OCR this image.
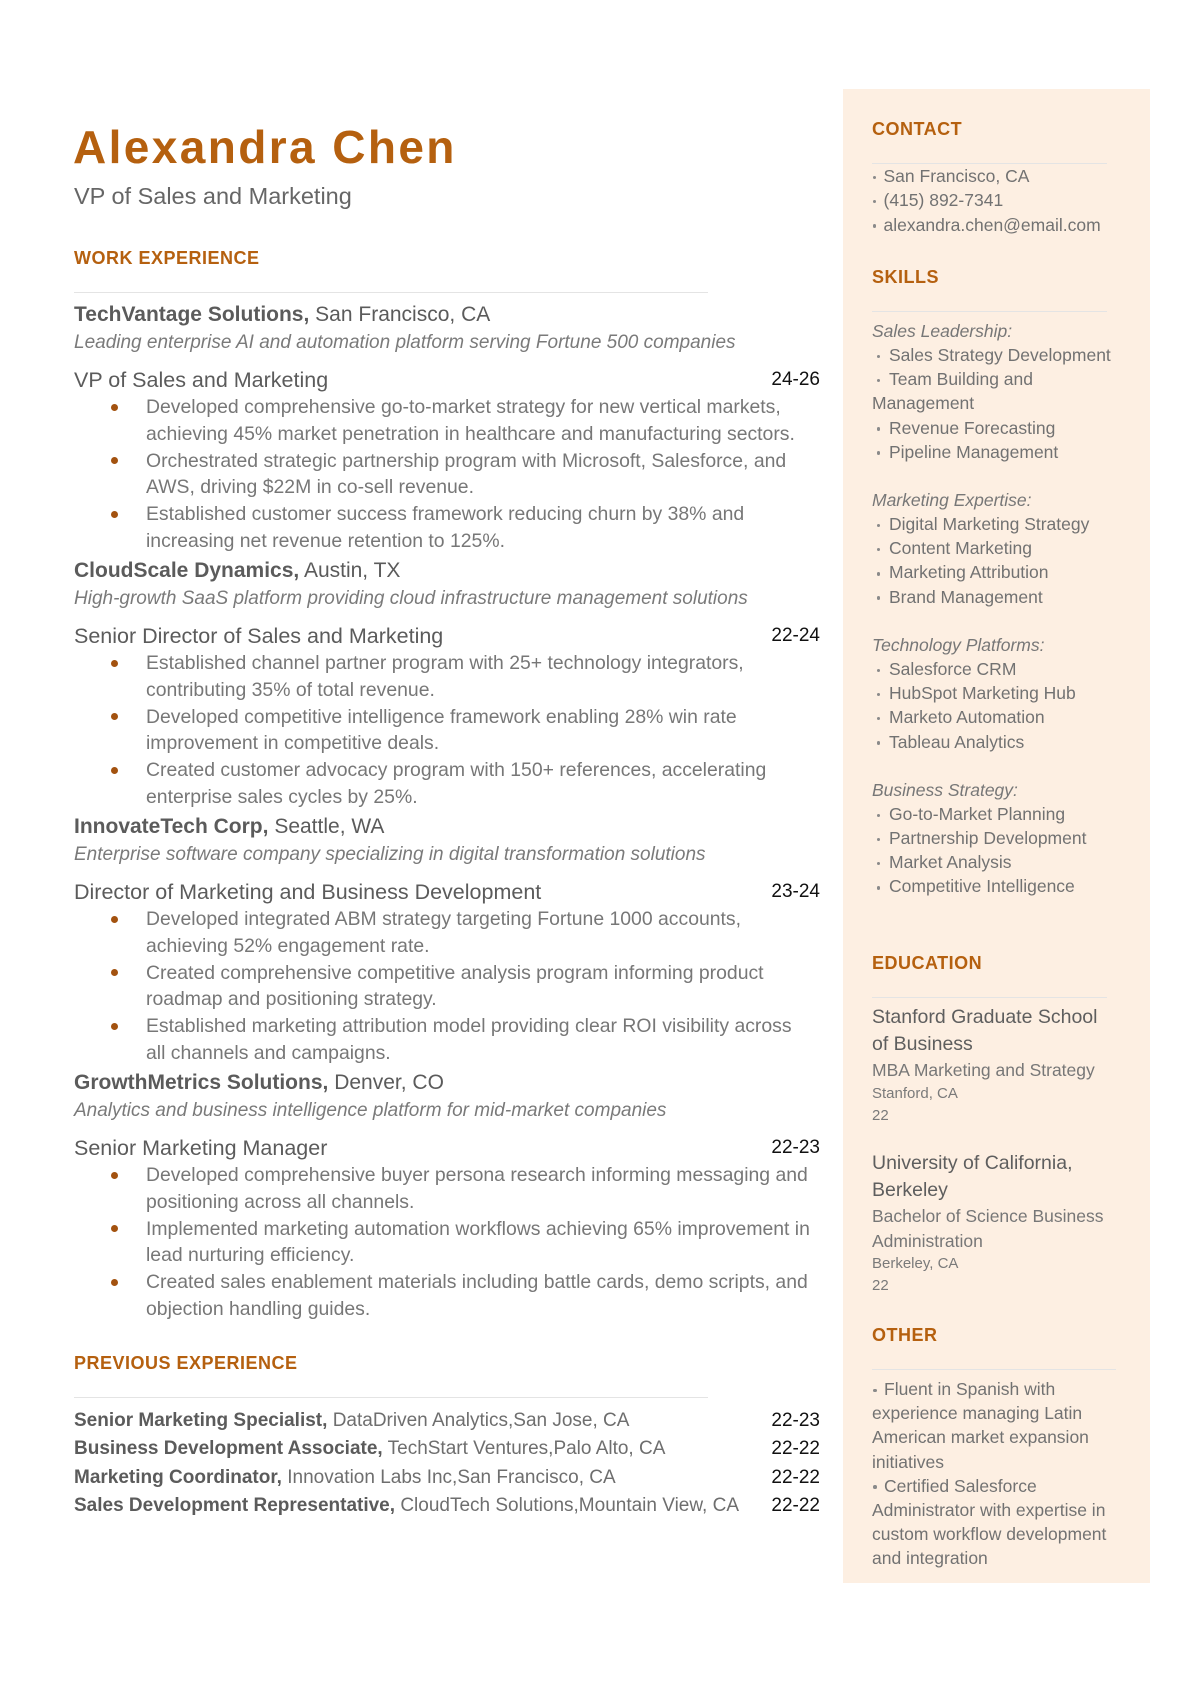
Alexandra Chen
VP of Sales and Marketing
WORK EXPERIENCE
TechVantage Solutions, San Francisco, CA
Leading enterprise AI and automation platform serving Fortune 500 companies
VP of Sales and Marketing	24-26
Developed comprehensive go-to-market strategy for new vertical markets, achieving 45% market penetration in healthcare and manufacturing sectors.
Orchestrated strategic partnership program with Microsoft, Salesforce, and AWS, driving $22M in co-sell revenue.
Established customer success framework reducing churn by 38% and increasing net revenue retention to 125%.
CloudScale Dynamics, Austin, TX
High-growth SaaS platform providing cloud infrastructure management solutions
Senior Director of Sales and Marketing	22-24
Established channel partner program with 25+ technology integrators, contributing 35% of total revenue.
Developed competitive intelligence framework enabling 28% win rate improvement in competitive deals.
Created customer advocacy program with 150+ references, accelerating enterprise sales cycles by 25%.
InnovateTech Corp, Seattle, WA
Enterprise software company specializing in digital transformation solutions
Director of Marketing and Business Development	23-24
Developed integrated ABM strategy targeting Fortune 1000 accounts, achieving 52% engagement rate.
Created comprehensive competitive analysis program informing product roadmap and positioning strategy.
Established marketing attribution model providing clear ROI visibility across all channels and campaigns.
GrowthMetrics Solutions, Denver, CO
Analytics and business intelligence platform for mid-market companies
Senior Marketing Manager	22-23
Developed comprehensive buyer persona research informing messaging and positioning across all channels.
Implemented marketing automation workflows achieving 65% improvement in lead nurturing efficiency.
Created sales enablement materials including battle cards, demo scripts, and objection handling guides.
PREVIOUS EXPERIENCE
Senior Marketing Specialist, DataDriven Analytics,San Jose, CA	22-23
Business Development Associate, TechStart Ventures,Palo Alto, CA	22-22
Marketing Coordinator, Innovation Labs Inc,San Francisco, CA	22-22
Sales Development Representative, CloudTech Solutions,Mountain View, CA 22-22
CONTACT
San Francisco, CA
(415) 892-7341
alexandra.chen@email.com
SKILLS
Sales Leadership:
Sales Strategy Development
Team Building and Management
Revenue Forecasting
Pipeline Management
Marketing Expertise:
Digital Marketing Strategy
Content Marketing
Marketing Attribution
Brand Management
Technology Platforms:
Salesforce CRM
HubSpot Marketing Hub
Marketo Automation
Tableau Analytics
Business Strategy:
Go-to-Market Planning
Partnership Development
Market Analysis
Competitive Intelligence
EDUCATION
Stanford Graduate School of Business
MBA Marketing and Strategy
Stanford, CA
22
University of California, Berkeley
Bachelor of Science Business Administration
Berkeley, CA
22
OTHER
Fluent in Spanish with experience managing Latin American market expansion initiatives
Certified Salesforce Administrator with expertise in custom workflow development and integration
